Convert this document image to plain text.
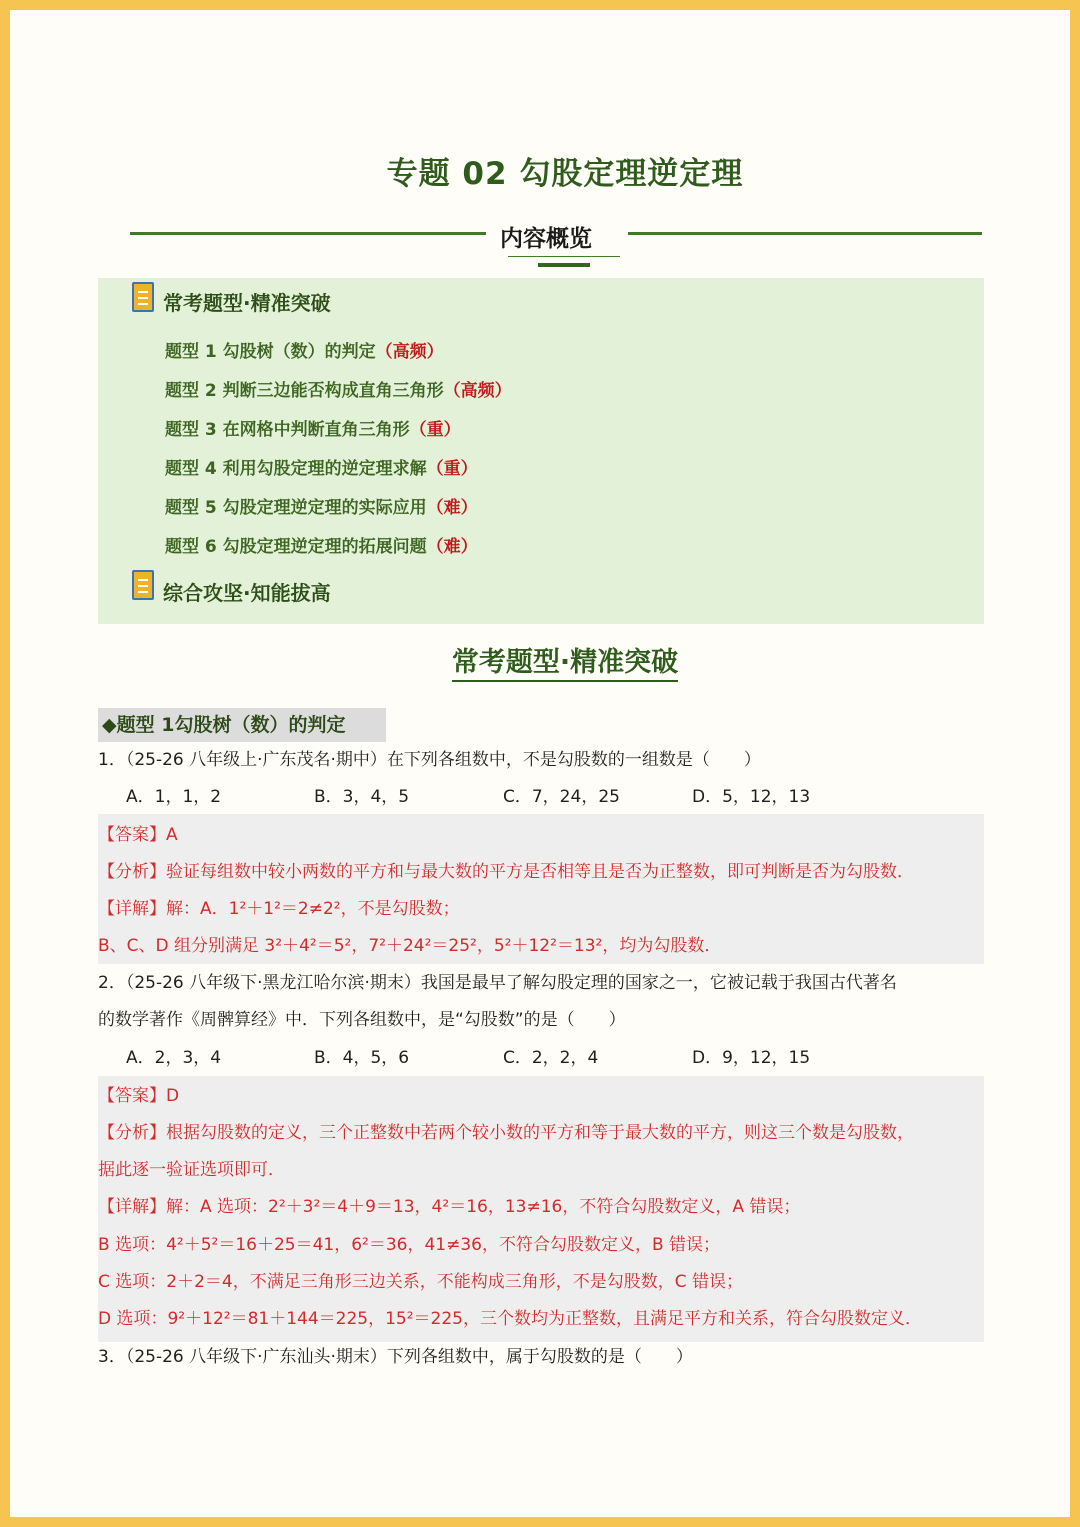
专题 02 勾股定理逆定理
内容概览
常考题型·精准突破
题型 1 勾股树（数）的判定（高频）
题型 2 判断三边能否构成直角三角形（高频）
题型 3 在网格中判断直角三角形（重）
题型 4 利用勾股定理的逆定理求解（重）
题型 5 勾股定理逆定理的实际应用（难）
题型 6 勾股定理逆定理的拓展问题（难）
综合攻坚·知能拔高
常考题型·精准突破
◆题型 1勾股树（数）的判定
1．（25-26 八年级上·广东茂名·期中）在下列各组数中，不是勾股数的一组数是（　　）
A．1，1，2	B．3，4，5	C．7，24，25	D．5，12，13
【答案】A
【分析】验证每组数中较小两数的平方和与最大数的平方是否相等且是否为正整数，即可判断是否为勾股数．
【详解】解：A．1²＋1²＝2≠2²，不是勾股数；
B、C、D 组分别满足 3²＋4²＝5²，7²＋24²＝25²，5²＋12²＝13²，均为勾股数．
2．（25-26 八年级下·黑龙江哈尔滨·期末）我国是最早了解勾股定理的国家之一，它被记载于我国古代著名
的数学著作《周髀算经》中．下列各组数中，是“勾股数”的是（　　）
A．2，3，4	B．4，5，6	C．2，2，4	D．9，12，15
【答案】D
【分析】根据勾股数的定义，三个正整数中若两个较小数的平方和等于最大数的平方，则这三个数是勾股数，
据此逐一验证选项即可．
【详解】解：A 选项：2²＋3²＝4＋9＝13，4²＝16，13≠16，不符合勾股数定义，A 错误；
B 选项：4²＋5²＝16＋25＝41，6²＝36，41≠36，不符合勾股数定义，B 错误；
C 选项：2＋2＝4，不满足三角形三边关系，不能构成三角形，不是勾股数，C 错误；
D 选项：9²＋12²＝81＋144＝225，15²＝225，三个数均为正整数，且满足平方和关系，符合勾股数定义．
3．（25-26 八年级下·广东汕头·期末）下列各组数中，属于勾股数的是（　　）
